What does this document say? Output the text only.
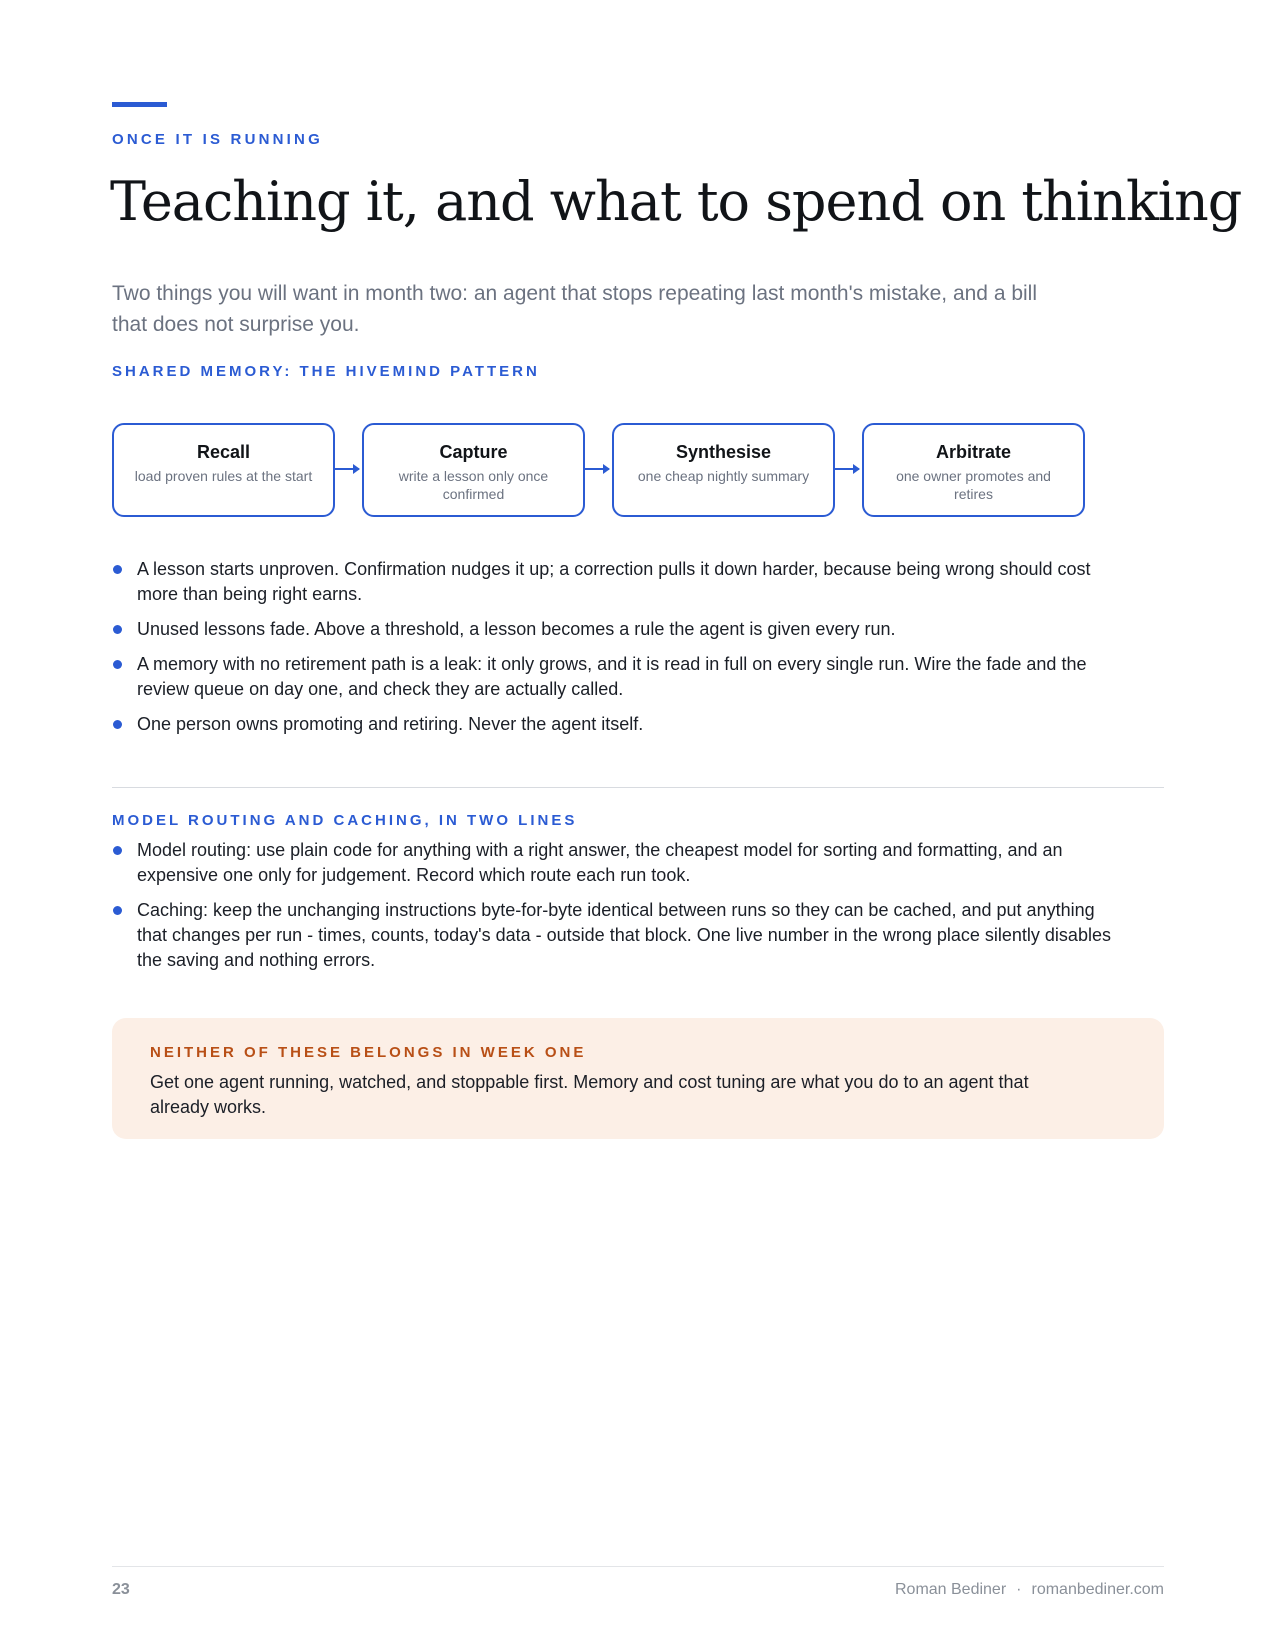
ONCE IT IS RUNNING

Teaching it, and what to spend on thinking

Two things you will want in month two: an agent that stops repeating last month's mistake, and a bill that does not surprise you.

SHARED MEMORY: THE HIVEMIND PATTERN

Recall
load proven rules at the start
Capture
write a lesson only once confirmed
Synthesise
one cheap nightly summary
Arbitrate
one owner promotes and retires
A lesson starts unproven. Confirmation nudges it up; a correction pulls it down harder, because being wrong should cost more than being right earns.
Unused lessons fade. Above a threshold, a lesson becomes a rule the agent is given every run.
A memory with no retirement path is a leak: it only grows, and it is read in full on every single run. Wire the fade and the review queue on day one, and check they are actually called.
One person owns promoting and retiring. Never the agent itself.

MODEL ROUTING AND CACHING, IN TWO LINES

Model routing: use plain code for anything with a right answer, the cheapest model for sorting and formatting, and an expensive one only for judgement. Record which route each run took.
Caching: keep the unchanging instructions byte-for-byte identical between runs so they can be cached, and put anything that changes per run - times, counts, today's data - outside that block. One live number in the wrong place silently disables the saving and nothing errors.

NEITHER OF THESE BELONGS IN WEEK ONE

Get one agent running, watched, and stoppable first. Memory and cost tuning are what you do to an agent that already works.

23	Roman Bediner · romanbediner.com
